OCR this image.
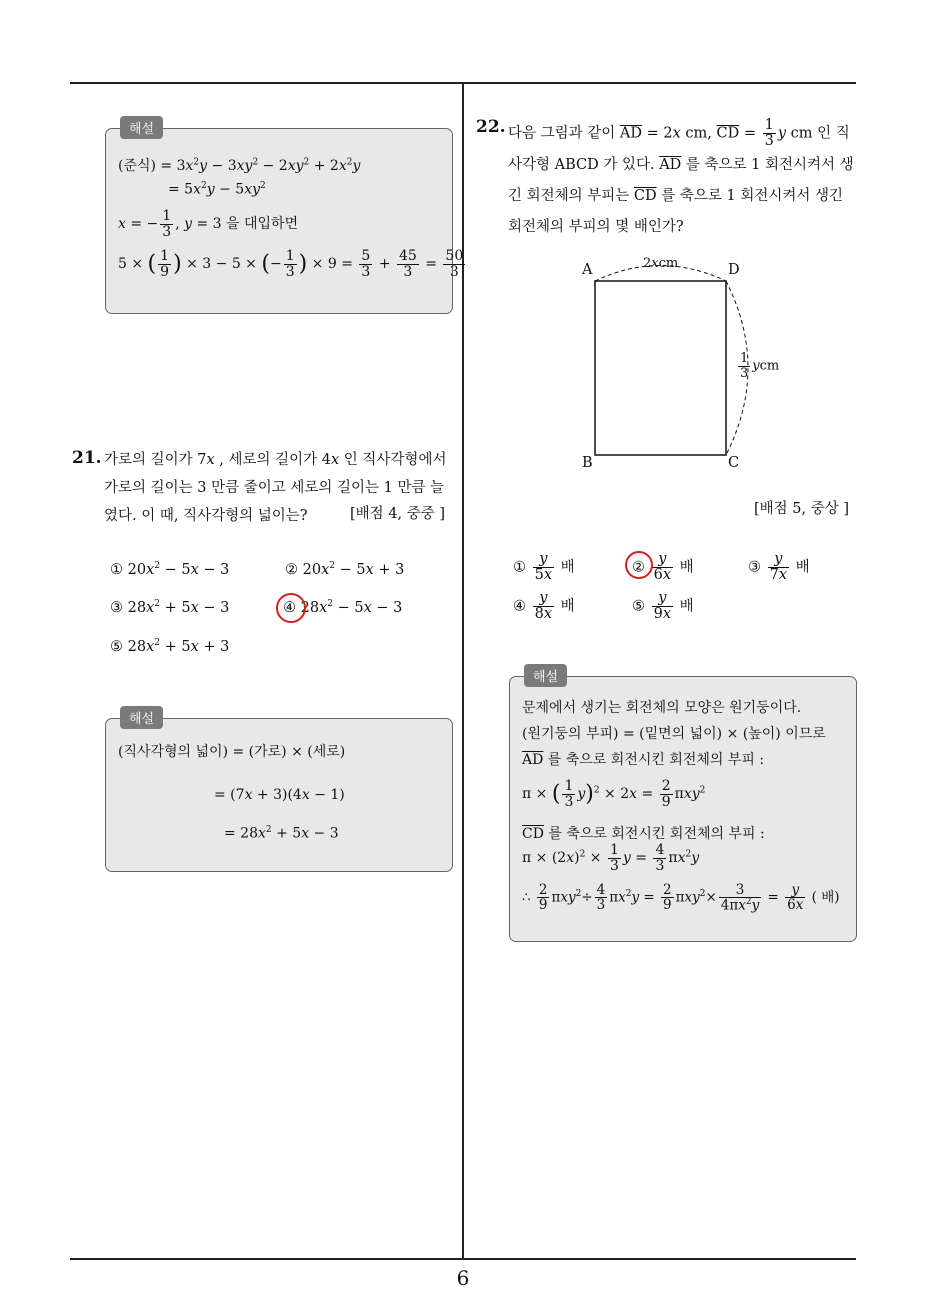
6
해설
(준식) = $3x^2y - 3xy^2 - 2xy^2 + 2x^2y$
= $5x^2y - 5xy^2$
x = − $\frac{1}{3}$ , y = 3 을 대입하면
5 × ( $\frac{1}{9}$ ) × 3 − 5 × (− $\frac{1}{3}$ ) × $9 = \frac{5}{3} + \frac{45}{3} = \frac{50}{3}$
21. 가로의 길이가 7x , 세로의 길이가 4x 인 직사각형에서 가로의 길이는 3 만큼 줄이고 세로의 길이는 1 만큼 늘였다. 이 때, 직사각형의 넓이는?	[배점 4, 중중 ]
① $20x^2 - 5x - 3$	② $20x^2 - 5x + 3$
③ $28x^2 + 5x - 3$	④ $28x^2 - 5x - 3$
⑤ $28x^2 + 5x + 3$
해설
(직사각형의 넓이) = (가로) × (세로)
= (7x + 3)(4x − 1)
= $28x^2 + 5x - 3$
22. 다음 그림과 같이 $\overline{AD} = 2x$ cm, $\overline{CD} = \frac{1}{3}$ y cm 인 직사각형 ABCD 가 있다. $\overline{AD}$ 를 축으로 1 회전시켜서 생긴 회전체의 부피는 $\overline{CD}$ 를 축으로 1 회전시켜서 생긴 회전체의 부피의 몇 배인가?
A	D
B	C
2xcm
$\frac{1}{3}$ ycm
[배점 5, 중상 ]
① $\frac{y}{5x}$ 배	② $\frac{y}{6x}$ 배	③ $\frac{y}{7x}$ 배
④ $\frac{y}{8x}$ 배	⑤ $\frac{y}{9x}$ 배
해설
문제에서 생기는 회전체의 모양은 원기둥이다.
(원기둥의 부피) = (밑면의 넓이) × (높이) 이므로
$\overline{AD}$ 를 축으로 회전시킨 회전체의 부피 :
π × ( $\frac{1}{3} y)^2 \times 2x = \frac{2}{9} \pi xy^2$
$\overline{CD}$ 를 축으로 회전시킨 회전체의 부피 :
$\pi \times (2x)^2 \times \frac{1}{3}$ $y = \frac{4}{3} \pi x^2y$
∴ $\frac{2}{9} \pi xy^2\div \frac{4}{3} \pi x^2y = \frac{2}{9} \pi xy^2\times \frac{3}{4\pi x^2y} = \frac{y}{6x}$ ( 배)
